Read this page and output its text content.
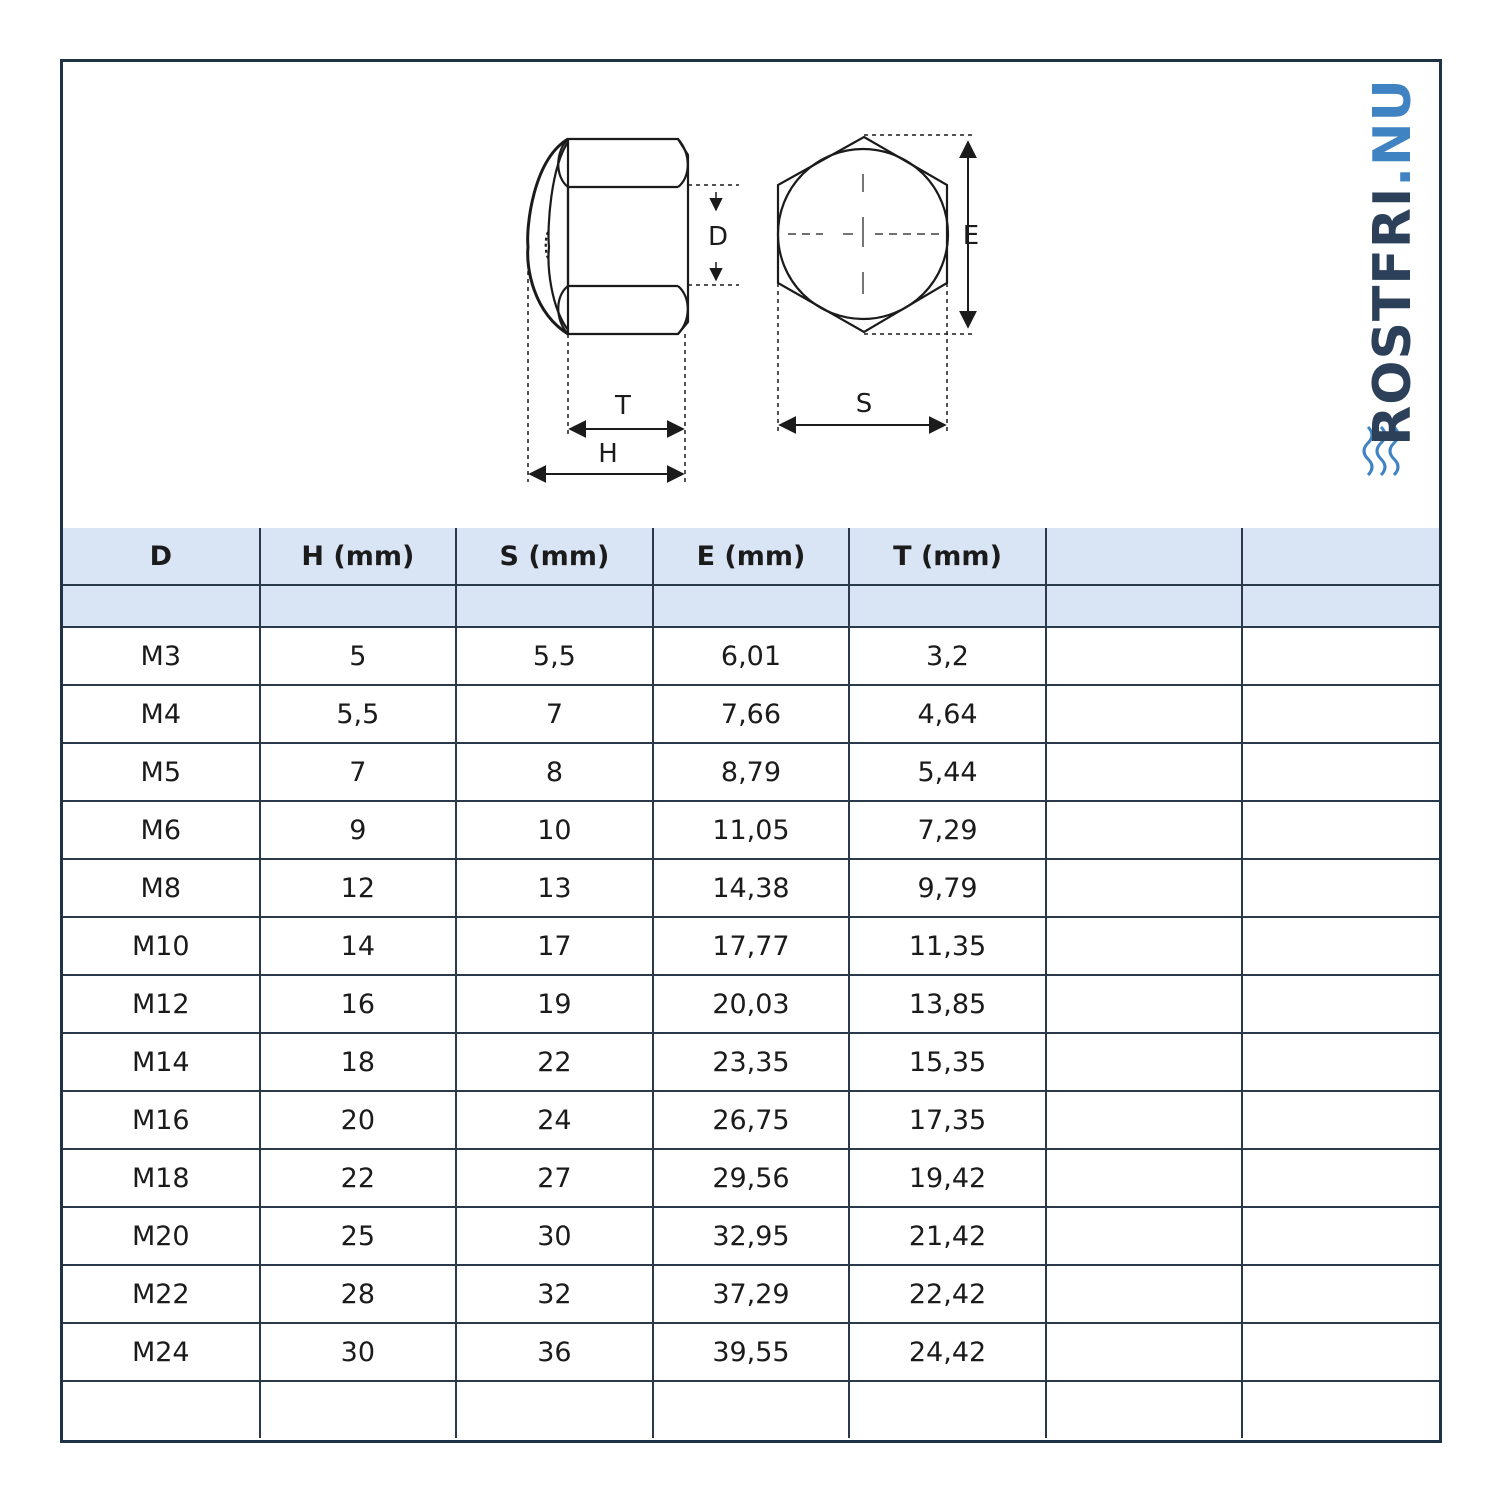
D
T
H
E
S	ROSTFRI.NU
D	H (mm)	S (mm)	E (mm)	T (mm)		

M3	5	5,5	6,01	3,2		
M4	5,5	7	7,66	4,64		
M5	7	8	8,79	5,44		
M6	9	10	11,05	7,29		
M8	12	13	14,38	9,79		
M10	14	17	17,77	11,35		
M12	16	19	20,03	13,85		
M14	18	22	23,35	15,35		
M16	20	24	26,75	17,35		
M18	22	27	29,56	19,42		
M20	25	30	32,95	21,42		
M22	28	32	37,29	22,42		
M24	30	36	39,55	24,42		
